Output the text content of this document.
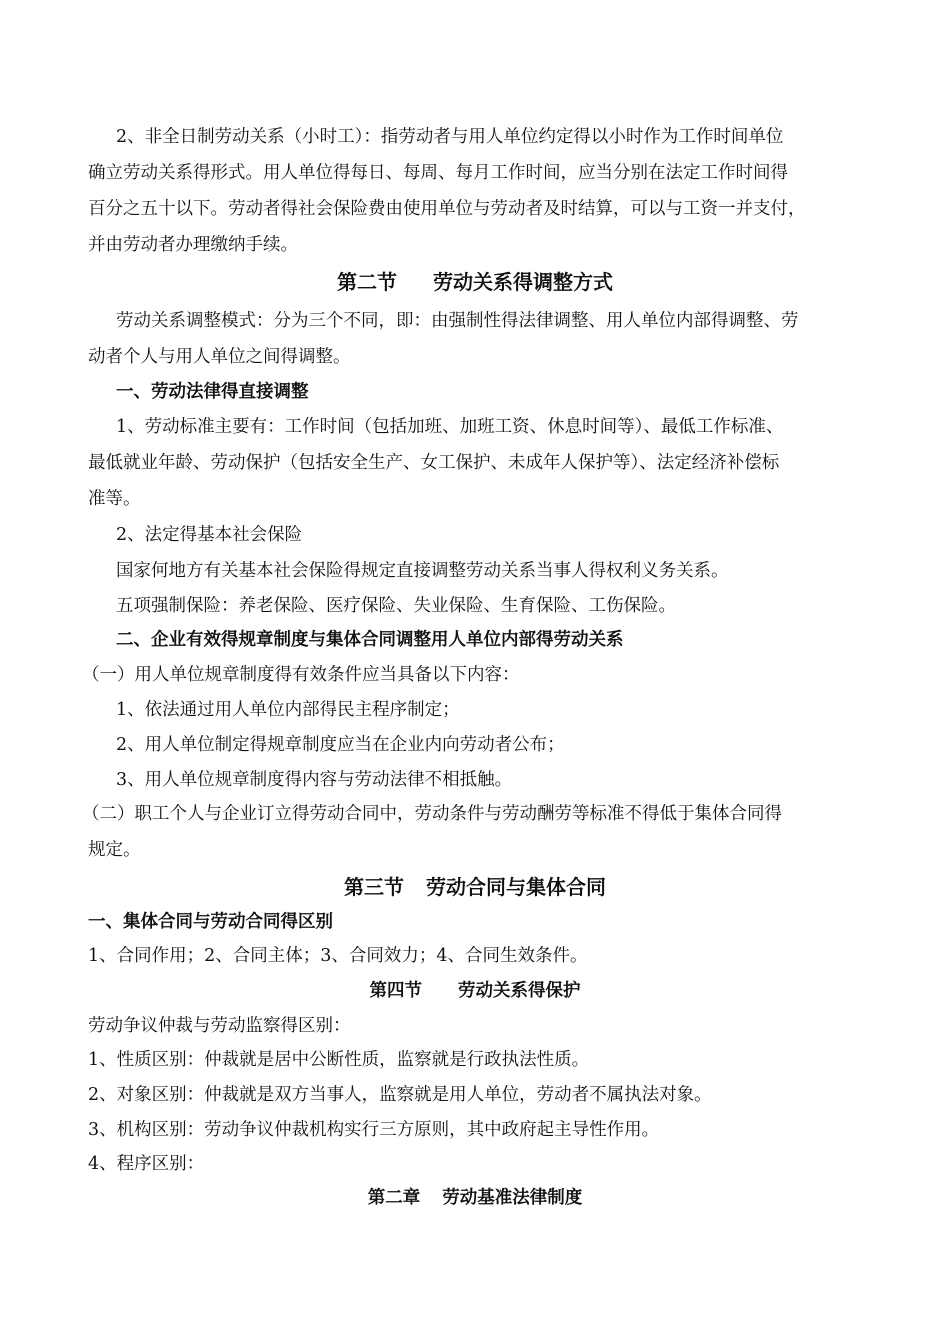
2、非全日制劳动关系（小时工）：指劳动者与用人单位约定得以小时作为工作时间单位

确立劳动关系得形式。用人单位得每日、每周、每月工作时间，应当分别在法定工作时间得

百分之五十以下。劳动者得社会保险费由使用单位与劳动者及时结算，可以与工资一并支付，

并由劳动者办理缴纳手续。

第二节 劳动关系得调整方式

劳动关系调整模式：分为三个不同，即：由强制性得法律调整、用人单位内部得调整、劳

动者个人与用人单位之间得调整。

一、劳动法律得直接调整

1、劳动标准主要有：工作时间（包括加班、加班工资、休息时间等）、最低工作标准、

最低就业年龄、劳动保护（包括安全生产、女工保护、未成年人保护等）、法定经济补偿标

准等。

2、法定得基本社会保险

国家何地方有关基本社会保险得规定直接调整劳动关系当事人得权利义务关系。

五项强制保险：养老保险、医疗保险、失业保险、生育保险、工伤保险。

二、企业有效得规章制度与集体合同调整用人单位内部得劳动关系

（一）用人单位规章制度得有效条件应当具备以下内容：

1、依法通过用人单位内部得民主程序制定；

2、用人单位制定得规章制度应当在企业内向劳动者公布；

3、用人单位规章制度得内容与劳动法律不相抵触。

（二）职工个人与企业订立得劳动合同中，劳动条件与劳动酬劳等标准不得低于集体合同得

规定。

第三节 劳动合同与集体合同

一、集体合同与劳动合同得区别

1、合同作用；2、合同主体；3、合同效力；4、合同生效条件。

第四节 劳动关系得保护

劳动争议仲裁与劳动监察得区别：

1、性质区别：仲裁就是居中公断性质，监察就是行政执法性质。

2、对象区别：仲裁就是双方当事人，监察就是用人单位，劳动者不属执法对象。

3、机构区别：劳动争议仲裁机构实行三方原则，其中政府起主导性作用。

4、程序区别：

第二章 劳动基准法律制度
